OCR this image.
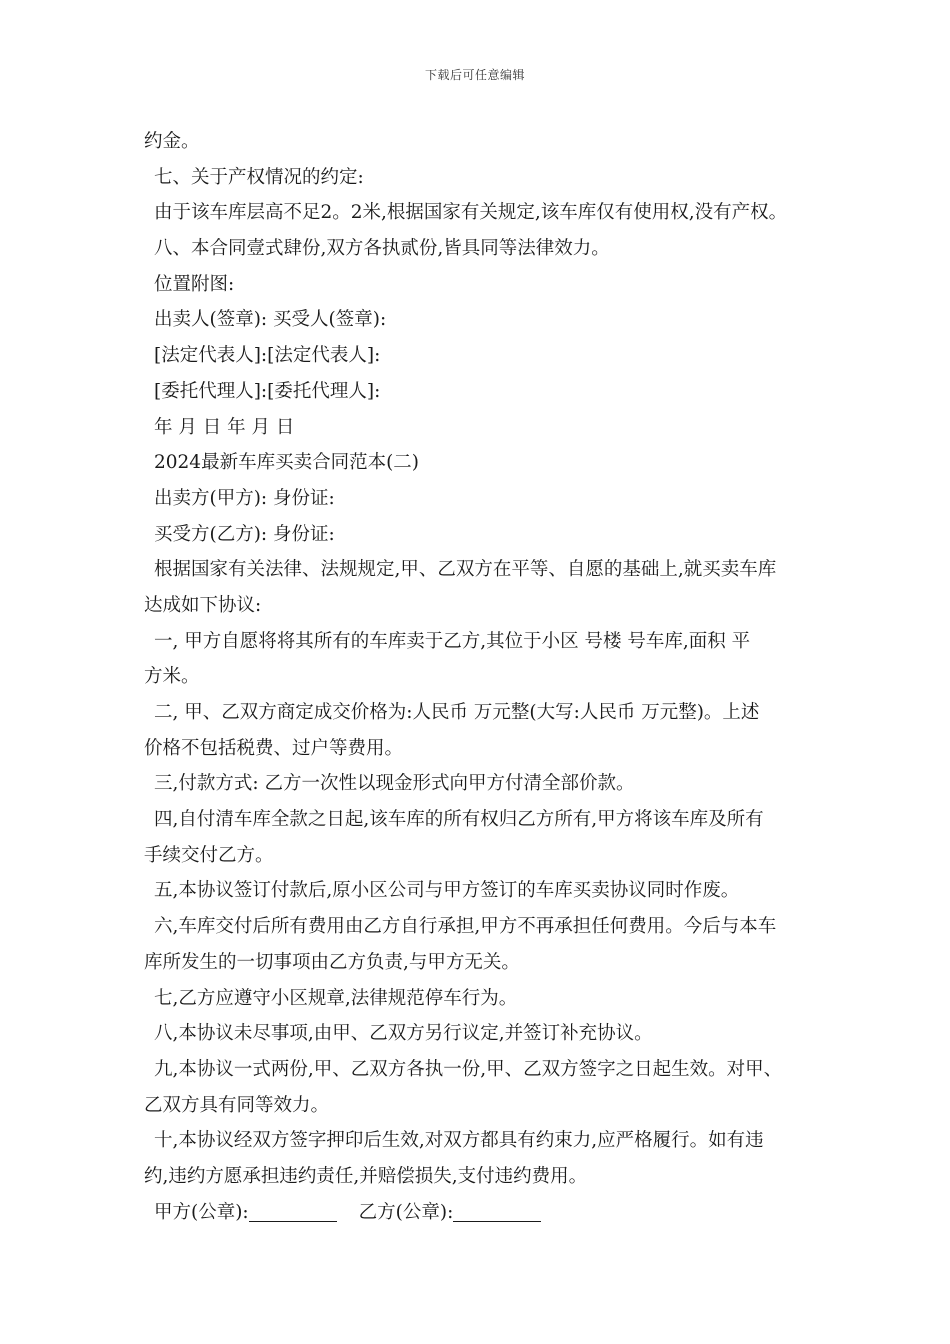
下载后可任意编辑
约金。
七、关于产权情况的约定:
由于该车库层高不足2。2米,根据国家有关规定,该车库仅有使用权,没有产权。
八、本合同壹式肆份,双方各执贰份,皆具同等法律效力。
位置附图:
出卖人(签章): 买受人(签章):
[法定代表人]:[法定代表人]:
[委托代理人]:[委托代理人]:
年 月 日 年 月 日
2024最新车库买卖合同范本(二)
出卖方(甲方): 身份证:
买受方(乙方): 身份证:
根据国家有关法律、法规规定,甲、乙双方在平等、自愿的基础上,就买卖车库
达成如下协议:
一, 甲方自愿将将其所有的车库卖于乙方,其位于小区 号楼 号车库,面积 平
方米。
二, 甲、乙双方商定成交价格为:人民币 万元整(大写:人民币 万元整)。上述
价格不包括税费、过户等费用。
三,付款方式: 乙方一次性以现金形式向甲方付清全部价款。
四,自付清车库全款之日起,该车库的所有权归乙方所有,甲方将该车库及所有
手续交付乙方。
五,本协议签订付款后,原小区公司与甲方签订的车库买卖协议同时作废。
六,车库交付后所有费用由乙方自行承担,甲方不再承担任何费用。今后与本车
库所发生的一切事项由乙方负责,与甲方无关。
七,乙方应遵守小区规章,法律规范停车行为。
八,本协议未尽事项,由甲、乙双方另行议定,并签订补充协议。
九,本协议一式两份,甲、乙双方各执一份,甲、乙双方签字之日起生效。对甲、
乙双方具有同等效力。
十,本协议经双方签字押印后生效,对双方都具有约束力,应严格履行。如有违
约,违约方愿承担违约责任,并赔偿损失,支付违约费用。
甲方(公章):	乙方(公章):
